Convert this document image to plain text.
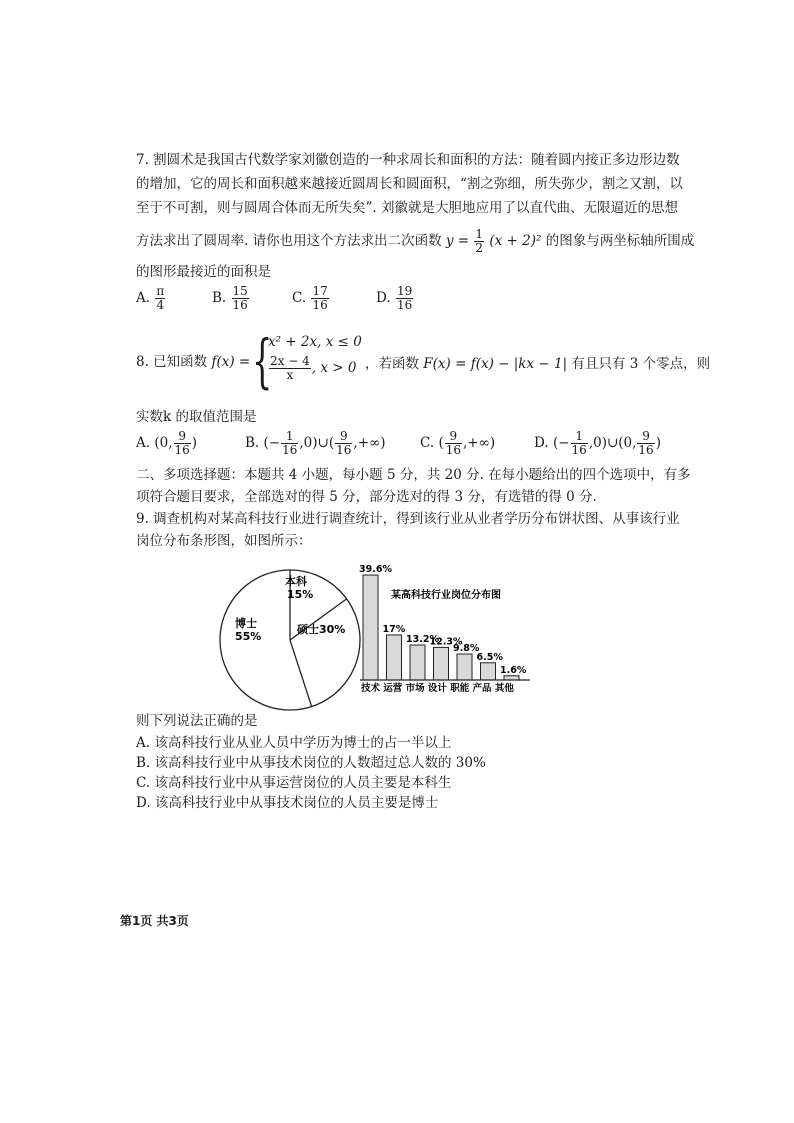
7. 割圆术是我国古代数学家刘徽创造的一种求周长和面积的方法：随着圆内接正多边形边数
的增加，它的周长和面积越来越接近圆周长和圆面积，“割之弥细，所失弥少，割之又割，以
至于不可割，则与圆周合体而无所失矣”. 刘徽就是大胆地应用了以直代曲、无限逼近的思想
方法求出了圆周率. 请你也用这个方法求出二次函数 $y = \frac{1}{2} (x + 2)^2$ 的图象与两坐标轴所围成
的图形最接近的面积是
A. $\frac{\pi}{4}$	B. $\frac{15}{16}$	C. $\frac{17}{16}$	D. $\frac{19}{16}$
8. 已知函数 f(x) = {
x² + 2x, x ≤ 0
$\frac{2x - 4}{x}$ , x > 0 ，若函数 F(x) = f(x) − |kx − 1| 有且只有 3 个零点，则
实数k 的取值范围是
A. (0, $\frac{9}{16}$ )	B. (− $\frac{1}{16}$ ,0)∪( $\frac{9}{16}$ ,+∞)	C. ( $\frac{9}{16}$ ,+∞)	D. (− $\frac{1}{16}$ ,0)∪(0, $\frac{9}{16}$ )
二、多项选择题：本题共 4 小题，每小题 5 分，共 20 分. 在每小题给出的四个选项中，有多
项符合题目要求，全部选对的得 5 分，部分选对的得 3 分，有选错的得 0 分.
9. 调查机构对某高科技行业进行调查统计，得到该行业从业者学历分布饼状图、从事该行业
岗位分布条形图，如图所示：
博士 55%
硕士30%
本科 15%	某高科技行业岗位分布图
39.6%
17%
13.2%
12.3%
9.8%
6.5%
1.6%
技术 运营 市场 设计 职能 产品 其他
则下列说法正确的是
A. 该高科技行业从业人员中学历为博士的占一半以上
B. 该高科技行业中从事技术岗位的人数超过总人数的 30%
C. 该高科技行业中从事运营岗位的人员主要是本科生
D. 该高科技行业中从事技术岗位的人员主要是博士
第1页 共3页
